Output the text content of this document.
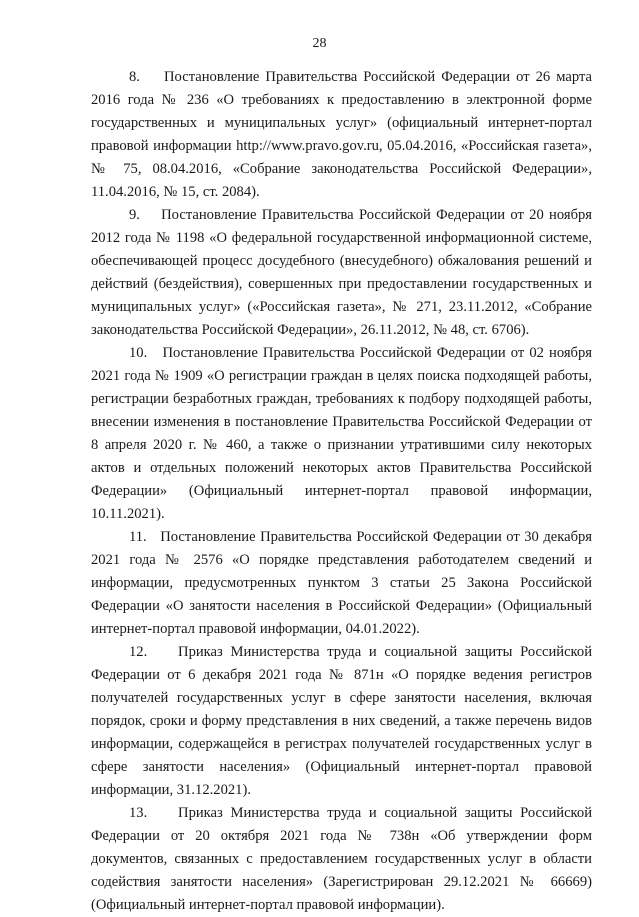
28

8. Постановление Правительства Российской Федерации от 26 марта 2016 года № 236 «О требованиях к предоставлению в электронной форме государственных и муниципальных услуг» (официальный интернет-портал правовой информации http://www.pravo.gov.ru, 05.04.2016, «Российская газета», № 75, 08.04.2016, «Собрание законодательства Российской Федерации», 11.04.2016, № 15, ст. 2084).

9. Постановление Правительства Российской Федерации от 20 ноября 2012 года № 1198 «О федеральной государственной информационной системе, обеспечивающей процесс досудебного (внесудебного) обжалования решений и действий (бездействия), совершенных при предоставлении государственных и муниципальных услуг» («Российская газета», № 271, 23.11.2012, «Собрание законодательства Российской Федерации», 26.11.2012, № 48, ст. 6706).

10. Постановление Правительства Российской Федерации от 02 ноября 2021 года № 1909 «О регистрации граждан в целях поиска подходящей работы, регистрации безработных граждан, требованиях к подбору подходящей работы, внесении изменения в постановление Правительства Российской Федерации от 8 апреля 2020 г. № 460, а также о признании утратившими силу некоторых актов и отдельных положений некоторых актов Правительства Российской Федерации» (Официальный интернет-портал правовой информации, 10.11.2021).

11. Постановление Правительства Российской Федерации от 30 декабря 2021 года № 2576 «О порядке представления работодателем сведений и информации, предусмотренных пунктом 3 статьи 25 Закона Российской Федерации «О занятости населения в Российской Федерации» (Официальный интернет-портал правовой информации, 04.01.2022).

12. Приказ Министерства труда и социальной защиты Российской Федерации от 6 декабря 2021 года № 871н «О порядке ведения регистров получателей государственных услуг в сфере занятости населения, включая порядок, сроки и форму представления в них сведений, а также перечень видов информации, содержащейся в регистрах получателей государственных услуг в сфере занятости населения» (Официальный интернет-портал правовой информации, 31.12.2021).

13. Приказ Министерства труда и социальной защиты Российской Федерации от 20 октября 2021 года № 738н «Об утверждении форм документов, связанных с предоставлением государственных услуг в области содействия занятости населения» (Зарегистрирован 29.12.2021 № 66669) (Официальный интернет-портал правовой информации).
